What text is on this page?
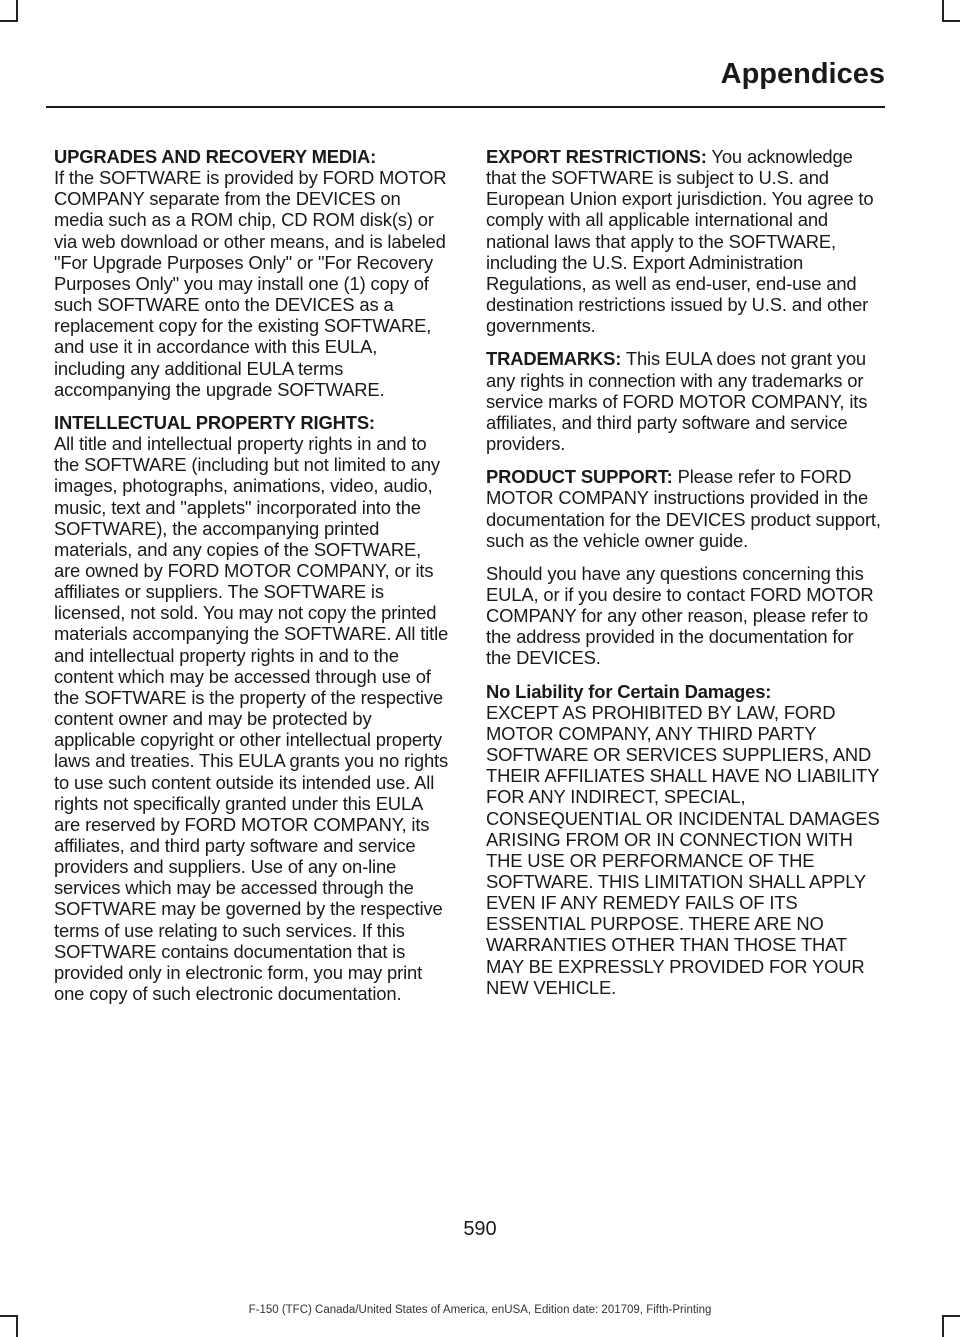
Appendices

UPGRADES AND RECOVERY MEDIA:
If the SOFTWARE is provided by FORD MOTOR COMPANY separate from the DEVICES on media such as a ROM chip, CD ROM disk(s) or via web download or other means, and is labeled "For Upgrade Purposes Only" or "For Recovery Purposes Only" you may install one (1) copy of such SOFTWARE onto the DEVICES as a replacement copy for the existing SOFTWARE, and use it in accordance with this EULA, including any additional EULA terms accompanying the upgrade SOFTWARE.

INTELLECTUAL PROPERTY RIGHTS:
All title and intellectual property rights in and to the SOFTWARE (including but not limited to any images, photographs, animations, video, audio, music, text and "applets" incorporated into the SOFTWARE), the accompanying printed materials, and any copies of the SOFTWARE, are owned by FORD MOTOR COMPANY, or its affiliates or suppliers. The SOFTWARE is licensed, not sold. You may not copy the printed materials accompanying the SOFTWARE. All title and intellectual property rights in and to the content which may be accessed through use of the SOFTWARE is the property of the respective content owner and may be protected by applicable copyright or other intellectual property laws and treaties. This EULA grants you no rights to use such content outside its intended use. All rights not specifically granted under this EULA are reserved by FORD MOTOR COMPANY, its affiliates, and third party software and service providers and suppliers. Use of any on-line services which may be accessed through the SOFTWARE may be governed by the respective terms of use relating to such services. If this SOFTWARE contains documentation that is provided only in electronic form, you may print one copy of such electronic documentation.

EXPORT RESTRICTIONS: You acknowledge that the SOFTWARE is subject to U.S. and European Union export jurisdiction. You agree to comply with all applicable international and national laws that apply to the SOFTWARE, including the U.S. Export Administration Regulations, as well as end-user, end-use and destination restrictions issued by U.S. and other governments.

TRADEMARKS: This EULA does not grant you any rights in connection with any trademarks or service marks of FORD MOTOR COMPANY, its affiliates, and third party software and service providers.

PRODUCT SUPPORT: Please refer to FORD MOTOR COMPANY instructions provided in the documentation for the DEVICES product support, such as the vehicle owner guide.

Should you have any questions concerning this EULA, or if you desire to contact FORD MOTOR COMPANY for any other reason, please refer to the address provided in the documentation for the DEVICES.

No Liability for Certain Damages:
EXCEPT AS PROHIBITED BY LAW, FORD MOTOR COMPANY, ANY THIRD PARTY SOFTWARE OR SERVICES SUPPLIERS, AND THEIR AFFILIATES SHALL HAVE NO LIABILITY FOR ANY INDIRECT, SPECIAL, CONSEQUENTIAL OR INCIDENTAL DAMAGES ARISING FROM OR IN CONNECTION WITH THE USE OR PERFORMANCE OF THE SOFTWARE. THIS LIMITATION SHALL APPLY EVEN IF ANY REMEDY FAILS OF ITS ESSENTIAL PURPOSE. THERE ARE NO WARRANTIES OTHER THAN THOSE THAT MAY BE EXPRESSLY PROVIDED FOR YOUR NEW VEHICLE.

590
F-150 (TFC) Canada/United States of America, enUSA, Edition date: 201709, Fifth-Printing
